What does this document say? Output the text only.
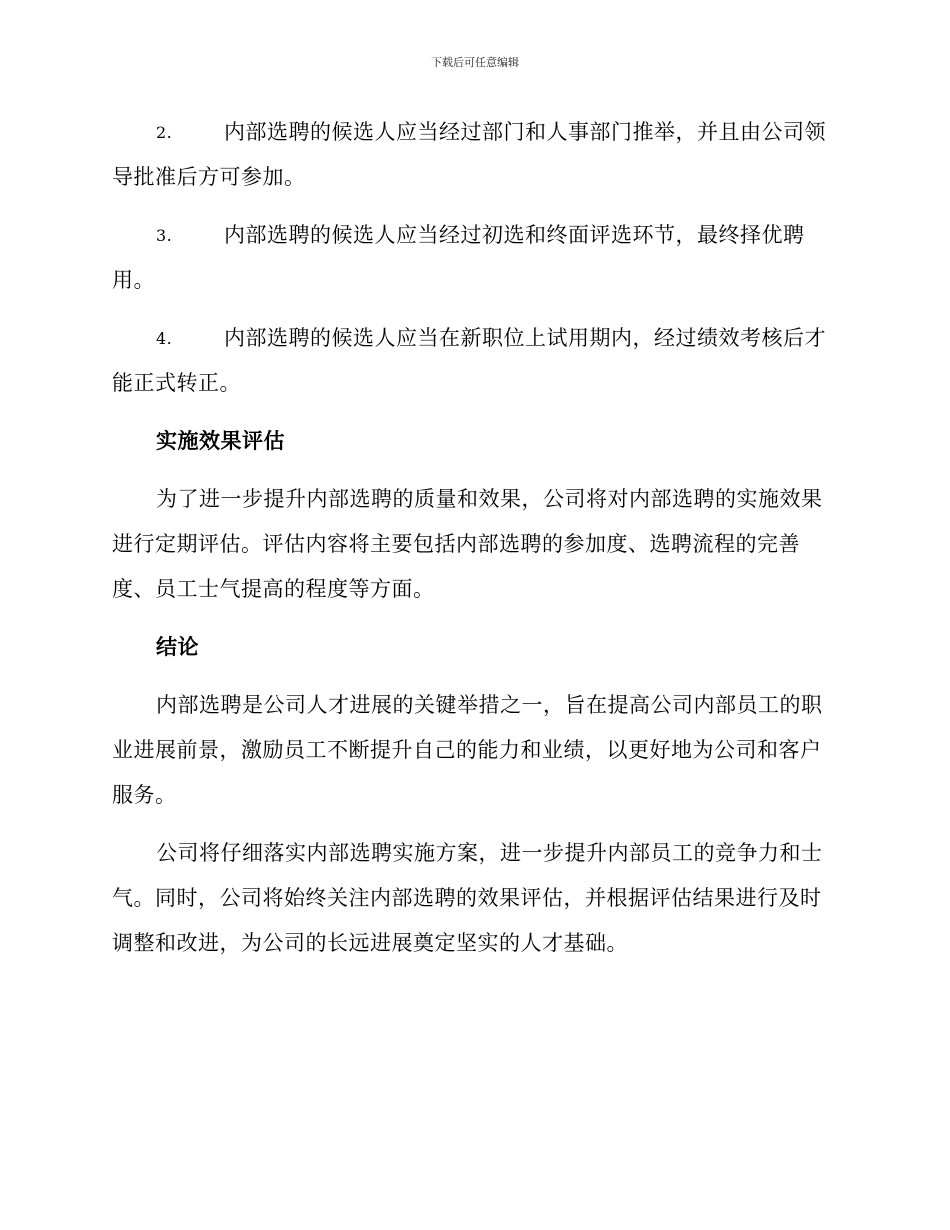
下载后可任意编辑
2. 内部选聘的候选人应当经过部门和人事部门推举，并且由公司领导批准后方可参加。
3. 内部选聘的候选人应当经过初选和终面评选环节，最终择优聘用。
4. 内部选聘的候选人应当在新职位上试用期内，经过绩效考核后才能正式转正。
实施效果评估

为了进一步提升内部选聘的质量和效果，公司将对内部选聘的实施效果进行定期评估。评估内容将主要包括内部选聘的参加度、选聘流程的完善度、员工士气提高的程度等方面。

结论

内部选聘是公司人才进展的关键举措之一，旨在提高公司内部员工的职业进展前景，激励员工不断提升自己的能力和业绩，以更好地为公司和客户服务。

公司将仔细落实内部选聘实施方案，进一步提升内部员工的竞争力和士气。同时，公司将始终关注内部选聘的效果评估，并根据评估结果进行及时调整和改进，为公司的长远进展奠定坚实的人才基础。
